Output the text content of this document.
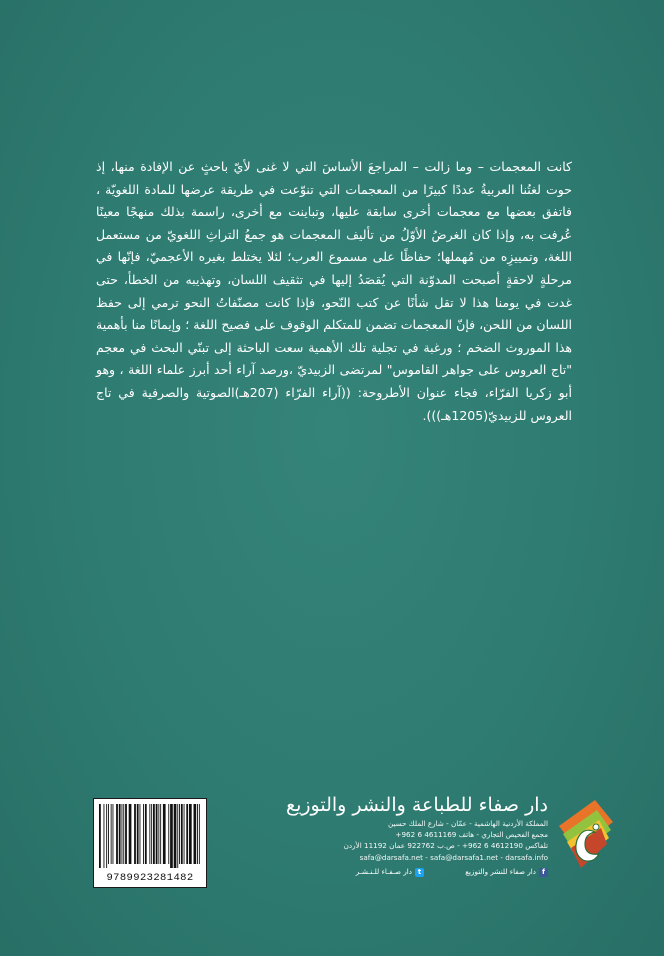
كانت المعجمات – وما زالت – المراجعَ الأساسَ التي لا غنى لأيّ باحثٍ عن الإفادة منها، إذ حوت لغتُنا العربيةُ عددًا كبيرًا من المعجمات التي تنوّعت في طريقة عرضها للمادة اللغويّة ، فاتفق بعضها مع معجمات أخرى سابقة عليها، وتباينت مع أخرى، راسمة بذلك منهجًا معينًا عُرفت به، وإذا كان الغرضُ الأوّلُ من تأليف المعجمات هو جمعُ التراثِ اللغويّ من مستعمل اللغة، وتمييزِه من مُهملها؛ حفاظًا على مسموع العرب؛ لئلا يختلط بغيره الأعجميّ، فإنّها في مرحلةٍ لاحقةٍ أصبحت المدوّنة التي يُقصَدُ إليها في تثقيف اللسان، وتهذيبه من الخطأ، حتى غدت في يومنا هذا لا تقل شأنًا عن كتب النّحو، فإذا كانت مصنّفاتُ النحو ترمي إلى حفظ اللسان من اللحن، فإنّ المعجمات تضمن للمتكلم الوقوف على فصيح اللغة ؛ وإيمانًا منا بأهمية هذا الموروث الضخم ؛ ورغبة في تجلية تلك الأهمية سعت الباحثة إلى تبنّي البحث في معجم "تاج العروس على جواهر القاموس" لمرتضى الزبيديّ ،ورصد آراء أحد أبرز علماء اللغة ، وهو أبو زكريا الفرّاء، فجاء عنوان الأطروحة: ((آراء الفرّاء (207هـ)الصوتية والصرفية في تاج العروس للزبيديّ(1205هـ))).

9789923281482
دار صفاء للطباعة والنشر والتوزيع
المملكة الأردنية الهاشمية - عمّان - شارع الملك حسين
مجمع الفحيص التجاري - هاتف 4611169 6 962+
تلفاكس 4612190 6 962+ - ص.ب 922762 عمان 11192 الأردن
safa@darsafa.net - safa@darsafa1.net - darsafa.info
fدار صفاء للنشر والتوزيع
tدار صـفـاء للـنـشـر
